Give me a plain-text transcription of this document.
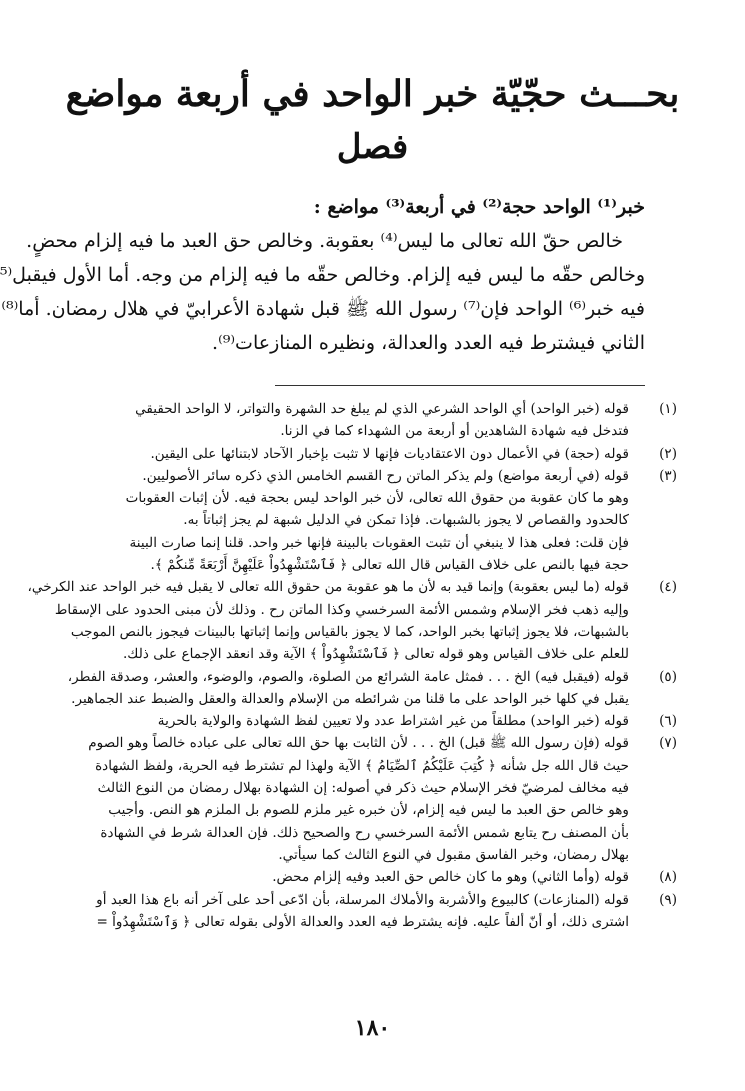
بحـــث حجّيّة خبر الواحد في أربعة مواضع
فصل
خبر⁽¹⁾ الواحد حجة⁽²⁾ في أربعة⁽³⁾ مواضع :
خالص حقّ الله تعالى ما ليس⁽⁴⁾ بعقوبة. وخالص حق العبد ما فيه إلزام محضٍ.
وخالص حقّه ما ليس فيه إلزام. وخالص حقّه ما فيه إلزام من وجه. أما الأول فيقبل⁽⁵
فيه خبر⁽⁶⁾ الواحد فإن⁽⁷⁾ رسول الله ﷺ قبل شهادة الأعرابيّ في هلال رمضان. أما⁽⁸⁾
الثاني فيشترط فيه العدد والعدالة، ونظيره المنازعات⁽⁹⁾.
(١)
قوله (خبر الواحد) أي الواحد الشرعي الذي لم يبلغ حد الشهرة والتواتر، لا الواحد الحقيقي
فتدخل فيه شهادة الشاهدين أو أربعة من الشهداء كما في الزنا.
(٢)
قوله (حجة) في الأعمال دون الاعتقاديات فإنها لا تثبت بإخبار الآحاد لابتنائها على اليقين.
(٣)
قوله (في أربعة مواضع) ولم يذكر الماتن رح القسم الخامس الذي ذكره سائر الأصوليين.
وهو ما كان عقوبة من حقوق الله تعالى، لأن خبر الواحد ليس بحجة فيه. لأن إثبات العقوبات
كالحدود والقصاص لا يجوز بالشبهات. فإذا تمكن في الدليل شبهة لم يجز إثباتاً به.
فإن قلت: فعلى هذا لا ينبغي أن تثبت العقوبات بالبينة فإنها خبر واحد. قلنا إنما صارت البينة
حجة فيها بالنص على خلاف القياس قال الله تعالى ﴿ فَٱسْتَشْهِدُواْ عَلَيْهِنَّ أَرْبَعَةً مِّنكُمْ ﴾.
(٤)
قوله (ما ليس بعقوبة) وإنما قيد به لأن ما هو عقوبة من حقوق الله تعالى لا يقبل فيه خبر الواحد عند الكرخي،
وإليه ذهب فخر الإسلام وشمس الأئمة السرخسي وكذا الماتن رح . وذلك لأن مبنى الحدود على الإسقاط
بالشبهات، فلا يجوز إثباتها بخبر الواحد، كما لا يجوز بالقياس وإنما إثباتها بالبينات فيجوز بالنص الموجب
للعلم على خلاف القياس وهو قوله تعالى ﴿ فَٱسْتَشْهِدُواْ ﴾ الآية وقد انعقد الإجماع على ذلك.
(٥)
قوله (فيقبل فيه) الخ . . . فمثل عامة الشرائع من الصلوة، والصوم، والوضوء، والعشر، وصدقة الفطر،
يقبل في كلها خبر الواحد على ما قلنا من شرائطه من الإسلام والعدالة والعقل والضبط عند الجماهير.
(٦)
قوله (خبر الواحد) مطلقاً من غير اشتراط عدد ولا تعيين لفظ الشهادة والولاية بالحرية
(٧)
قوله (فإن رسول الله ﷺ قبل) الخ . . . لأن الثابت بها حق الله تعالى على عباده خالصاً وهو الصوم
حيث قال الله جل شأنه ﴿ كُتِبَ عَلَيْكُمُ ٱلصِّيَامُ ﴾ الآية ولهذا لم تشترط فيه الحرية، ولفظ الشهادة
فيه مخالف لمرضيّ فخر الإسلام حيث ذكر في أصوله: إن الشهادة بهلال رمضان من النوع الثالث
وهو خالص حق العبد ما ليس فيه إلزام، لأن خبره غير ملزم للصوم بل الملزم هو النص. وأجيب
بأن المصنف رح يتابع شمس الأئمة السرخسي رح والصحيح ذلك. فإن العدالة شرط في الشهادة
بهلال رمضان، وخبر الفاسق مقبول في النوع الثالث كما سيأتي.
(٨)
قوله (وأما الثاني) وهو ما كان خالص حق العبد وفيه إلزام محض.
(٩)
قوله (المنازعات) كالبيوع والأشربة والأملاك المرسلة، بأن ادّعى أحد على آخر أنه باع هذا العبد أو
اشترى ذلك، أو أنّ ألفاً عليه. فإنه يشترط فيه العدد والعدالة الأولى بقوله تعالى ﴿ وَٱسْتَشْهِدُواْ =
١٨٠
